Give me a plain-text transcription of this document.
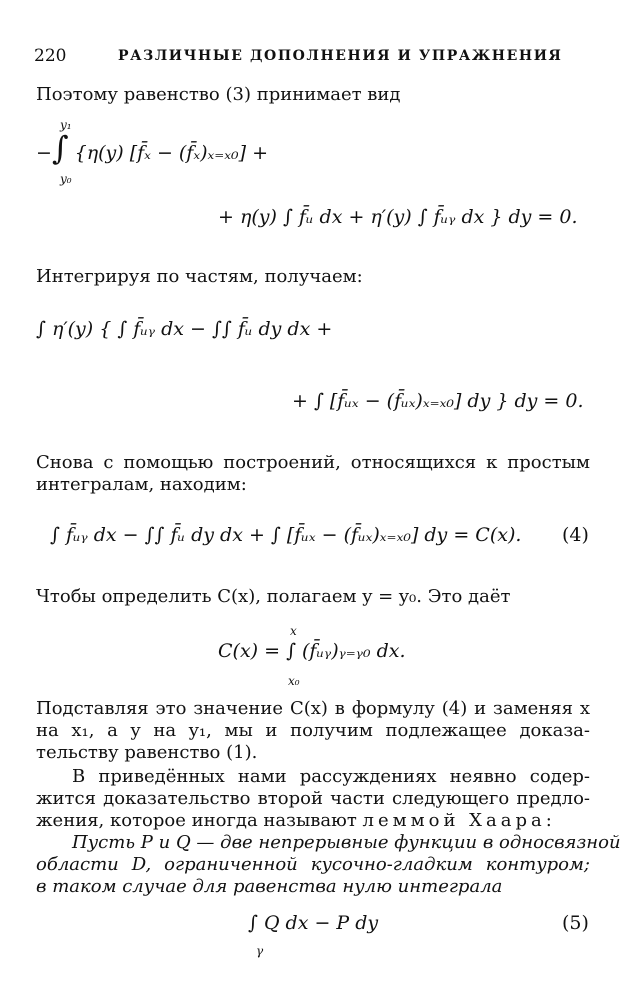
220	РАЗЛИЧНЫЕ ДОПОЛНЕНИЯ И УПРАЖНЕНИЯ
Поэтому равенство (3) принимает вид
y₁
−∫ {η(y) [f̄ₓ − (f̄ₓ)ₓ₌ₓ₀] +
y₀
+ η(y) ∫ f̄ᵤ dx + η′(y) ∫ f̄ᵤᵧ dx } dy = 0.
Интегрируя по частям, получаем:
∫ η′(y) { ∫ f̄ᵤᵧ dx − ∫∫ f̄ᵤ dy dx +
+ ∫ [f̄ᵤₓ − (f̄ᵤₓ)ₓ₌ₓ₀] dy } dy = 0.
Снова с помощью построений, относящихся к простым
интегралам, находим:
∫ f̄ᵤᵧ dx − ∫∫ f̄ᵤ dy dx + ∫ [f̄ᵤₓ − (f̄ᵤₓ)ₓ₌ₓ₀] dy = C(x). (4)
Чтобы определить C(x), полагаем y = y₀. Это даёт
x
C(x) = ∫ (f̄ᵤᵧ)ᵧ₌ᵧ₀ dx.
x₀
Подставляя это значение C(x) в формулу (4) и заменяя x
на x₁, а y на y₁, мы и получим подлежащее доказа-
тельству равенство (1).
В приведённых нами рассуждениях неявно содер-
жится доказательство второй части следующего предло-
жения, которое иногда называют леммой Хаара:
Пусть P и Q — две непрерывные функции в односвязной
области D, ограниченной кусочно-гладким контуром;
в таком случае для равенства нулю интеграла
∫ Q dx − P dy
γ
(5)
